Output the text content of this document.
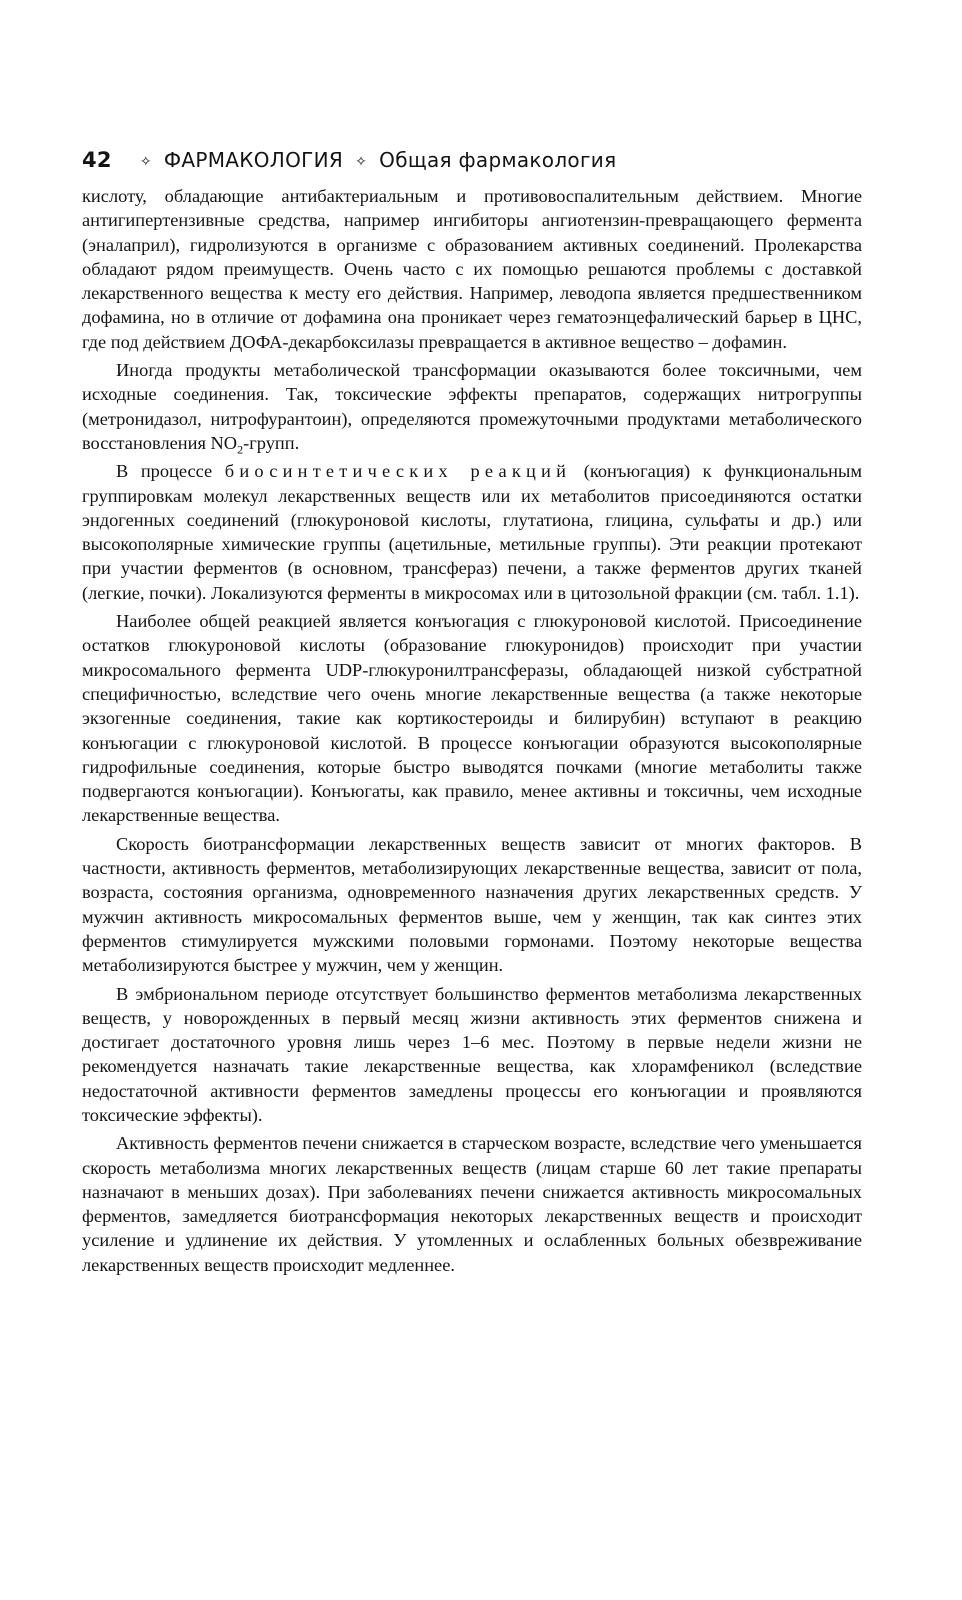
42 ✧ ФАРМАКОЛОГИЯ ✧ Общая фармакология

кислоту, обладающие антибактериальным и противовоспалительным действием. Многие антигипертензивные средства, например ингибиторы ангиотензин-превращающего фермента (эналаприл), гидролизуются в организме с образованием активных соединений. Пролекарства обладают рядом преимуществ. Очень часто с их помощью решаются проблемы с доставкой лекарственного вещества к месту его действия. Например, леводопа является предшественником дофамина, но в отличие от дофамина она проникает через гематоэнцефалический барьер в ЦНС, где под действием ДОФА-декарбоксилазы превращается в активное вещество – дофамин.

Иногда продукты метаболической трансформации оказываются более токсичными, чем исходные соединения. Так, токсические эффекты препаратов, содержащих нитрогруппы (метронидазол, нитрофурантоин), определяются промежуточными продуктами метаболического восстановления $NO_2$-групп.

В процессе биосинтетических реакций (конъюгация) к функциональным группировкам молекул лекарственных веществ или их метаболитов присоединяются остатки эндогенных соединений (глюкуроновой кислоты, глутатиона, глицина, сульфаты и др.) или высокополярные химические группы (ацетильные, метильные группы). Эти реакции протекают при участии ферментов (в основном, трансфераз) печени, а также ферментов других тканей (легкие, почки). Локализуются ферменты в микросомах или в цитозольной фракции (см. табл. 1.1).

Наиболее общей реакцией является конъюгация с глюкуроновой кислотой. Присоединение остатков глюкуроновой кислоты (образование глюкуронидов) происходит при участии микросомального фермента UDP-глюкуронилтрансферазы, обладающей низкой субстратной специфичностью, вследствие чего очень многие лекарственные вещества (а также некоторые экзогенные соединения, такие как кортикостероиды и билирубин) вступают в реакцию конъюгации с глюкуроновой кислотой. В процессе конъюгации образуются высокополярные гидрофильные соединения, которые быстро выводятся почками (многие метаболиты также подвергаются конъюгации). Конъюгаты, как правило, менее активны и токсичны, чем исходные лекарственные вещества.

Скорость биотрансформации лекарственных веществ зависит от многих факторов. В частности, активность ферментов, метаболизирующих лекарственные вещества, зависит от пола, возраста, состояния организма, одновременного назначения других лекарственных средств. У мужчин активность микросомальных ферментов выше, чем у женщин, так как синтез этих ферментов стимулируется мужскими половыми гормонами. Поэтому некоторые вещества метаболизируются быстрее у мужчин, чем у женщин.

В эмбриональном периоде отсутствует большинство ферментов метаболизма лекарственных веществ, у новорожденных в первый месяц жизни активность этих ферментов снижена и достигает достаточного уровня лишь через 1–6 мес. Поэтому в первые недели жизни не рекомендуется назначать такие лекарственные вещества, как хлорамфеникол (вследствие недостаточной активности ферментов замедлены процессы его конъюгации и проявляются токсические эффекты).

Активность ферментов печени снижается в старческом возрасте, вследствие чего уменьшается скорость метаболизма многих лекарственных веществ (лицам старше 60 лет такие препараты назначают в меньших дозах). При заболеваниях печени снижается активность микросомальных ферментов, замедляется биотрансформация некоторых лекарственных веществ и происходит усиление и удлинение их действия. У утомленных и ослабленных больных обезвреживание лекарственных веществ происходит медленнее.
